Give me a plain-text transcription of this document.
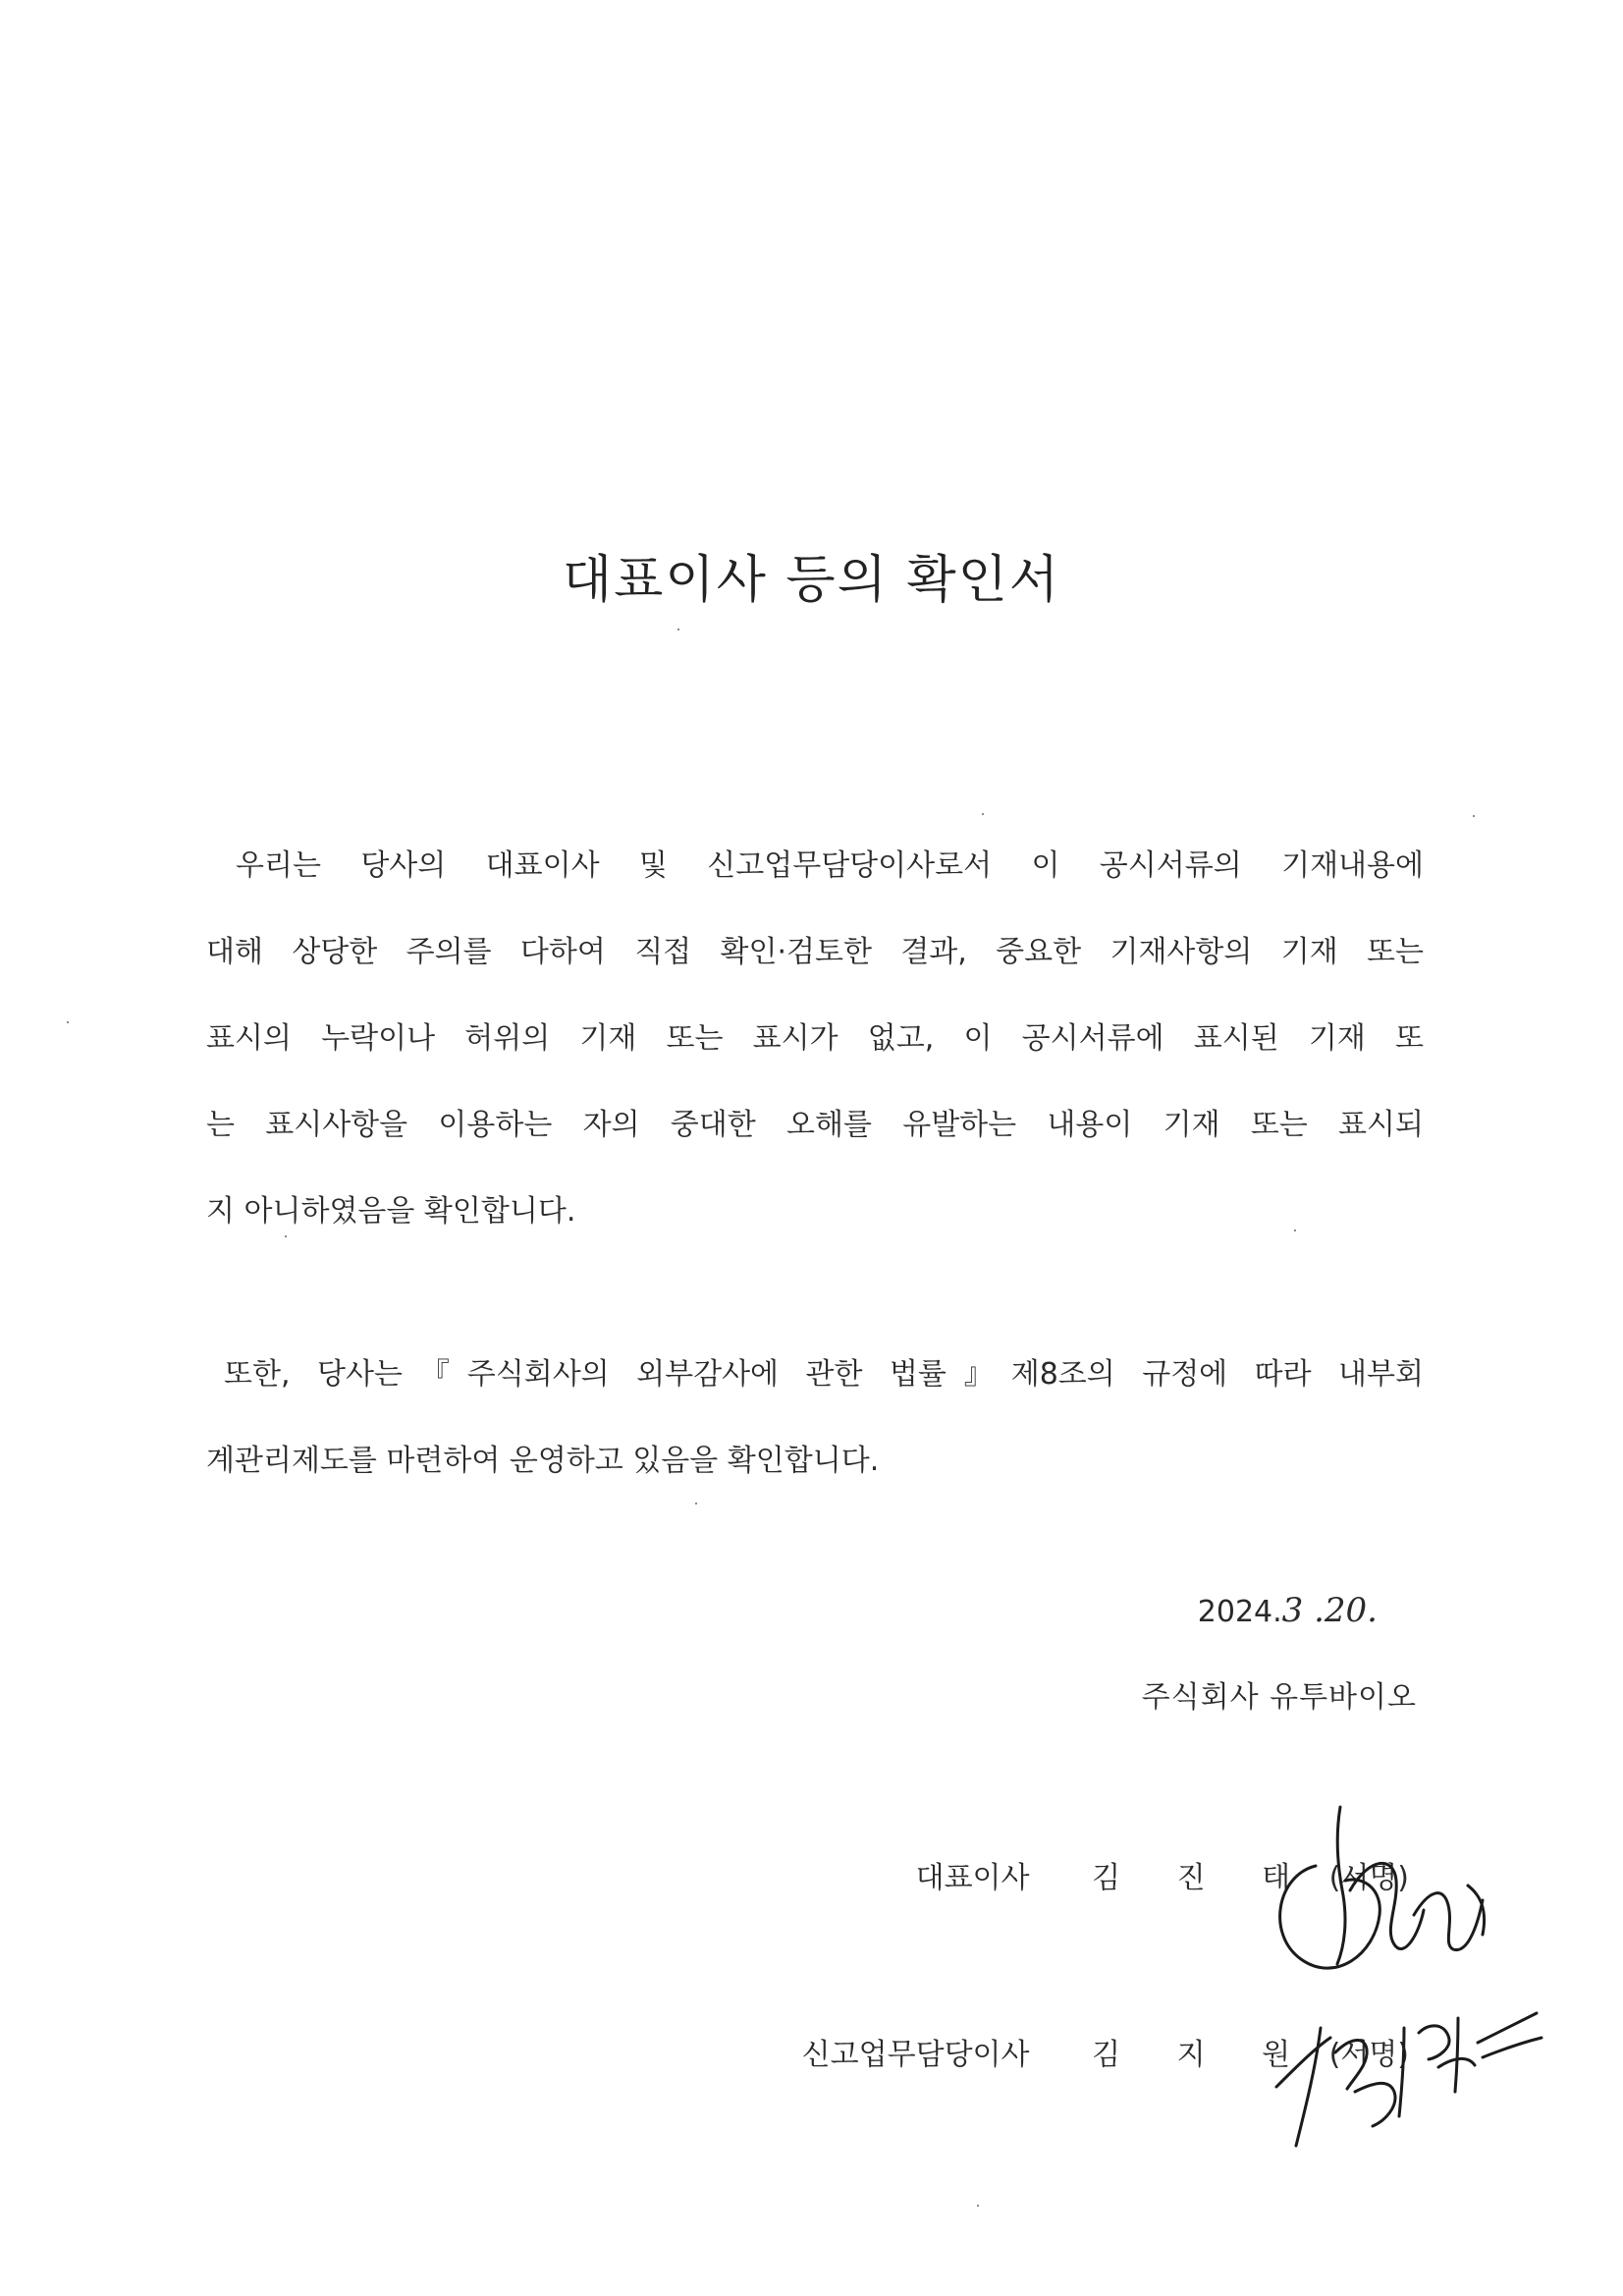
대표이사 등의 확인서
우리는 당사의 대표이사 및 신고업무담당이사로서 이 공시서류의 기재내용에
대해 상당한 주의를 다하여 직접 확인·검토한 결과, 중요한 기재사항의 기재 또는
표시의 누락이나 허위의 기재 또는 표시가 없고, 이 공시서류에 표시된 기재 또
는 표시사항을 이용하는 자의 중대한 오해를 유발하는 내용이 기재 또는 표시되
지 아니하였음을 확인합니다.
또한, 당사는『주식회사의 외부감사에 관한 법률』제8조의 규정에 따라 내부회
계관리제도를 마련하여 운영하고 있음을 확인합니다.
2024.3 .20.
주식회사 유투바이오
대표이사 김 진 태 (서명)
신고업무담당이사 김 지 원 (서명)
